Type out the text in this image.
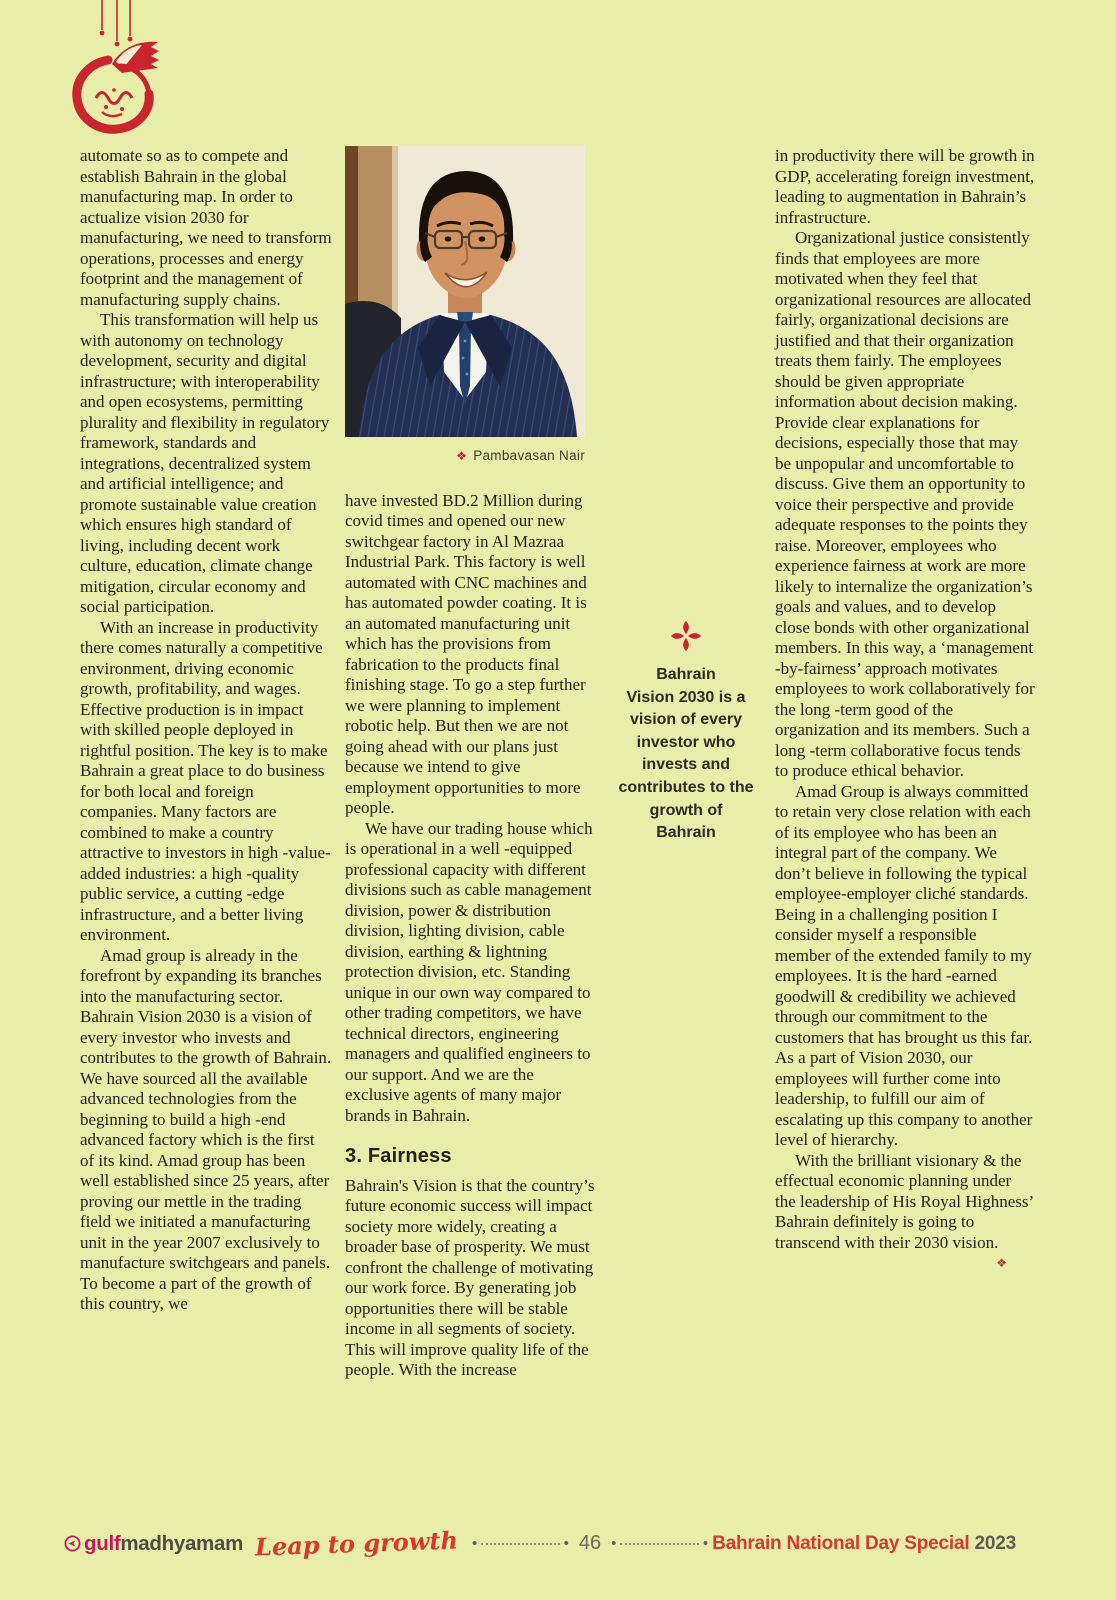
automate so as to compete and establish Bahrain in the global manufacturing map. In order to actualize vision 2030 for manufacturing, we need to transform operations, processes and energy footprint and the management of manufacturing supply chains.

This transformation will help us with autonomy on technology development, security and digital infrastructure; with interoperability and open ecosystems, permitting plurality and flexibility in regulatory framework, standards and integrations, decentralized system and artificial intelligence; and promote sustainable value creation which ensures high standard of living, including decent work culture, education, climate change mitigation, circular economy and social participation.

With an increase in productivity there comes naturally a competitive environment, driving economic growth, profitability, and wages. Effective production is in impact with skilled people deployed in rightful position. The key is to make Bahrain a great place to do business for both local and foreign companies. Many factors are combined to make a country attractive to investors in high -value-added industries: a high -quality public service, a cutting -edge infrastructure, and a better living environment.

Amad group is already in the forefront by expanding its branches into the manufacturing sector. Bahrain Vision 2030 is a vision of every investor who invests and contributes to the growth of Bahrain. We have sourced all the available advanced technologies from the beginning to build a high -end advanced factory which is the first of its kind. Amad group has been well established since 25 years, after proving our mettle in the trading field we initiated a manufacturing unit in the year 2007 exclusively to manufacture switchgears and panels. To become a part of the growth of this country, we

❖ Pambavasan Nair

have invested BD.2 Million during covid times and opened our new switchgear factory in Al Mazraa Industrial Park. This factory is well automated with CNC machines and has automated powder coating. It is an automated manufacturing unit which has the provisions from fabrication to the products final finishing stage. To go a step further we were planning to implement robotic help. But then we are not going ahead with our plans just because we intend to give employment opportunities to more people.

We have our trading house which is operational in a well -equipped professional capacity with different divisions such as cable management division, power & distribution division, lighting division, cable division, earthing & lightning protection division, etc. Standing unique in our own way compared to other trading competitors, we have technical directors, engineering managers and qualified engineers to our support. And we are the exclusive agents of many major brands in Bahrain.

3. Fairness

Bahrain's Vision is that the country’s future economic success will impact society more widely, creating a broader base of prosperity. We must confront the challenge of motivating our work force. By generating job opportunities there will be stable income in all segments of society. This will improve quality life of the people. With the increase

Bahrain
Vision 2030 is a
vision of every
investor who
invests and
contributes to the
growth of
Bahrain

in productivity there will be growth in GDP, accelerating foreign investment, leading to augmentation in Bahrain’s infrastructure.

Organizational justice consistently finds that employees are more motivated when they feel that organizational resources are allocated fairly, organizational decisions are justified and that their organization treats them fairly. The employees should be given appropriate information about decision making. Provide clear explanations for decisions, especially those that may be unpopular and uncomfortable to discuss. Give them an opportunity to voice their perspective and provide adequate responses to the points they raise. Moreover, employees who experience fairness at work are more likely to internalize the organization’s goals and values, and to develop close bonds with other organizational members. In this way, a ‘management -by-fairness’ approach motivates employees to work collaboratively for the long -term good of the organization and its members. Such a long -term collaborative focus tends to produce ethical behavior.

Amad Group is always committed to retain very close relation with each of its employee who has been an integral part of the company. We don’t believe in following the typical employee-employer cliché standards. Being in a challenging position I consider myself a responsible member of the extended family to my employees. It is the hard -earned goodwill & credibility we achieved through our commitment to the customers that has brought us this far. As a part of Vision 2030, our employees will further come into leadership, to fulfill our aim of escalating up this company to another level of hierarchy.

With the brilliant visionary & the effectual economic planning under the leadership of His Royal Highness’ Bahrain definitely is going to transcend with their 2030 vision.

❖
gulfmadhyamam Leap to growth •	• 46 •	• Bahrain National Day Special 2023
